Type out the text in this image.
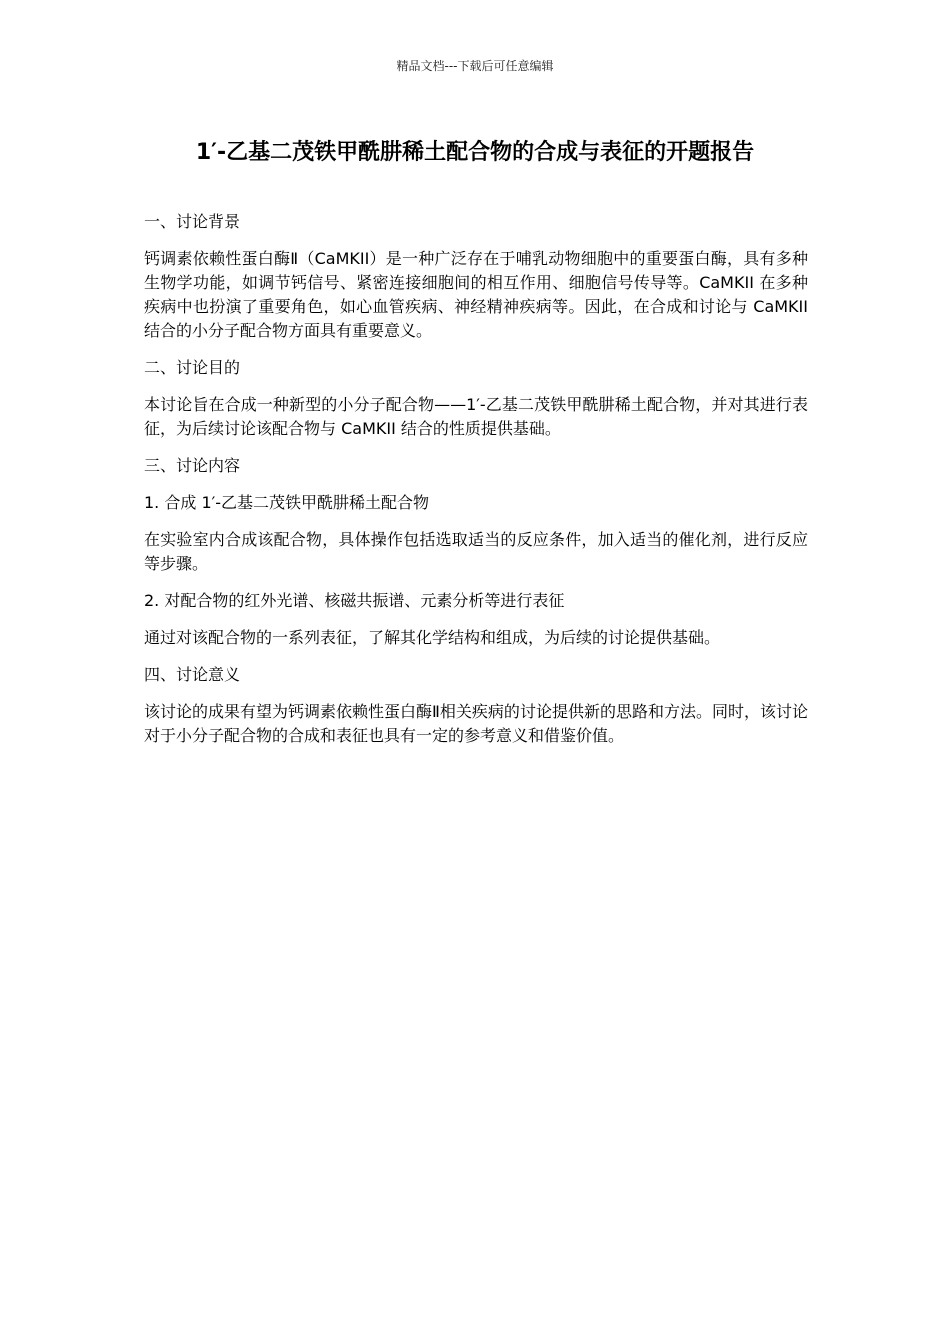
精品文档---下载后可任意编辑
1′-乙基二茂铁甲酰肼稀土配合物的合成与表征的开题报告

一、讨论背景

钙调素依赖性蛋白酶Ⅱ（CaMKII）是一种广泛存在于哺乳动物细胞中的重要蛋白酶，具有多种生物学功能，如调节钙信号、紧密连接细胞间的相互作用、细胞信号传导等。CaMKII 在多种疾病中也扮演了重要角色，如心血管疾病、神经精神疾病等。因此，在合成和讨论与 CaMKII 结合的小分子配合物方面具有重要意义。

二、讨论目的

本讨论旨在合成一种新型的小分子配合物——1′-乙基二茂铁甲酰肼稀土配合物，并对其进行表征，为后续讨论该配合物与 CaMKII 结合的性质提供基础。

三、讨论内容

1. 合成 1′-乙基二茂铁甲酰肼稀土配合物

在实验室内合成该配合物，具体操作包括选取适当的反应条件，加入适当的催化剂，进行反应等步骤。

2. 对配合物的红外光谱、核磁共振谱、元素分析等进行表征

通过对该配合物的一系列表征，了解其化学结构和组成，为后续的讨论提供基础。

四、讨论意义

该讨论的成果有望为钙调素依赖性蛋白酶Ⅱ相关疾病的讨论提供新的思路和方法。同时，该讨论对于小分子配合物的合成和表征也具有一定的参考意义和借鉴价值。
